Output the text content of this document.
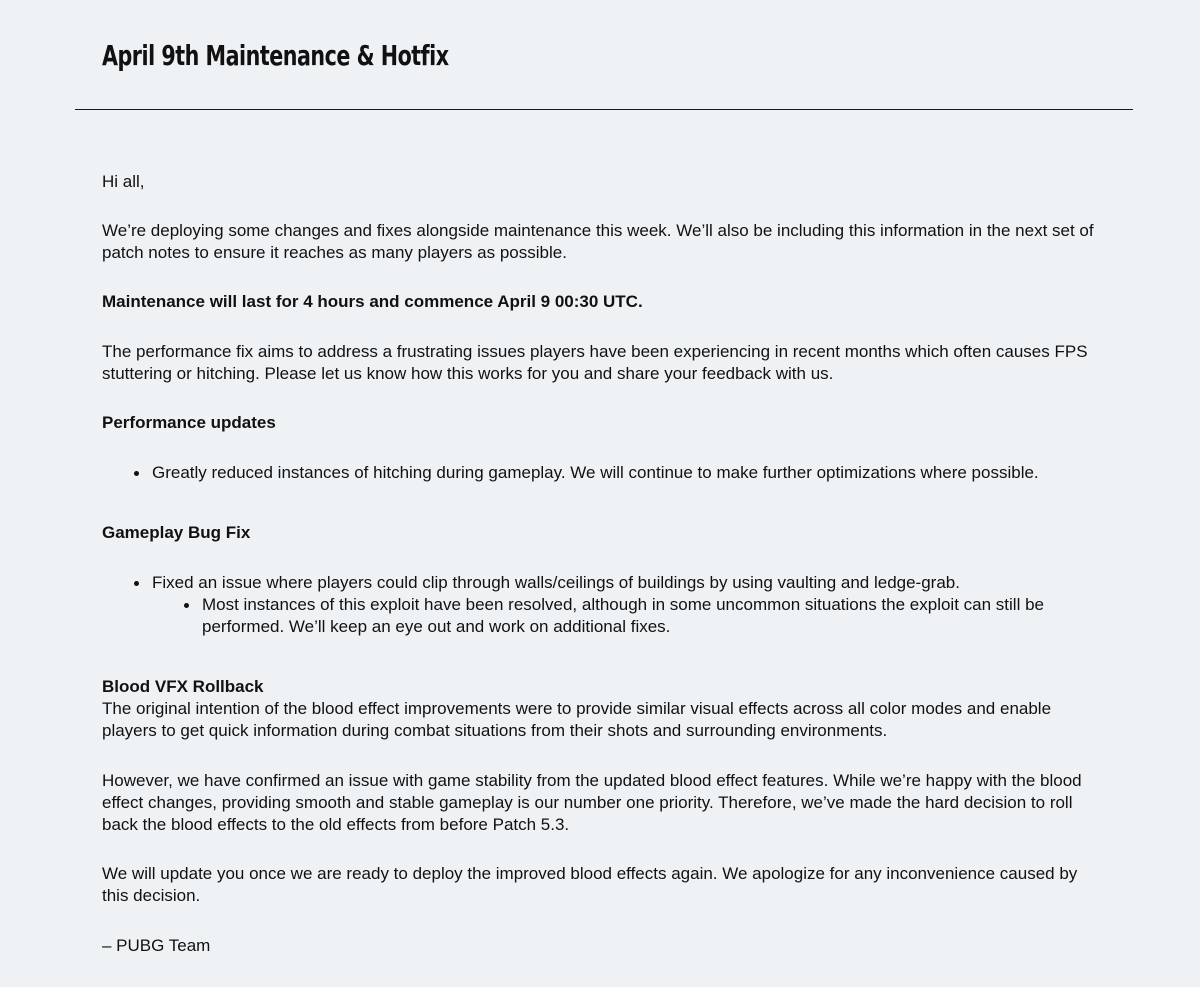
April 9th Maintenance & Hotfix

Hi all,

We’re deploying some changes and fixes alongside maintenance this week. We’ll also be including this information in the next set of patch notes to ensure it reaches as many players as possible.

Maintenance will last for 4 hours and commence April 9 00:30 UTC.

The performance fix aims to address a frustrating issues players have been experiencing in recent months which often causes FPS stuttering or hitching. Please let us know how this works for you and share your feedback with us.

Performance updates

Greatly reduced instances of hitching during gameplay. We will continue to make further optimizations where possible.

Gameplay Bug Fix

Fixed an issue where players could clip through walls/ceilings of buildings by using vaulting and ledge-grab.
Most instances of this exploit have been resolved, although in some uncommon situations the exploit can still be performed. We’ll keep an eye out and work on additional fixes.

Blood VFX Rollback

The original intention of the blood effect improvements were to provide similar visual effects across all color modes and enable players to get quick information during combat situations from their shots and surrounding environments.

However, we have confirmed an issue with game stability from the updated blood effect features. While we’re happy with the blood effect changes, providing smooth and stable gameplay is our number one priority. Therefore, we’ve made the hard decision to roll back the blood effects to the old effects from before Patch 5.3.

We will update you once we are ready to deploy the improved blood effects again. We apologize for any inconvenience caused by this decision.

– PUBG Team
